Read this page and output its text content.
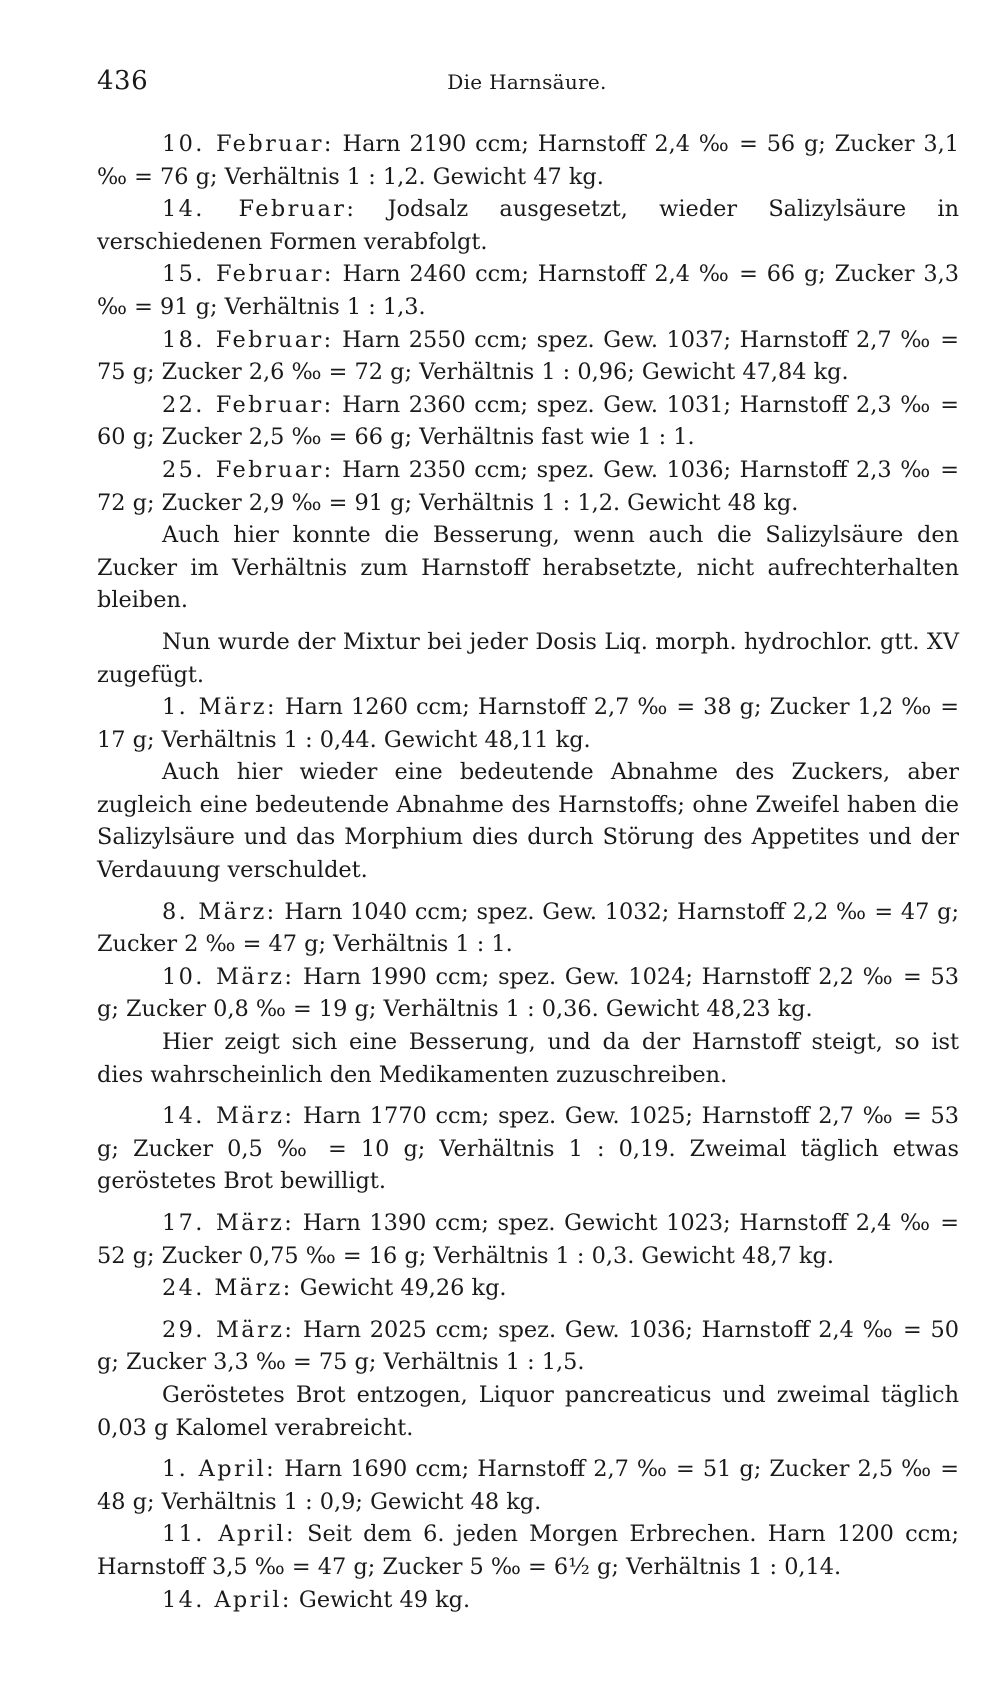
436	Die Harnsäure.

10. Februar: Harn 2190 ccm; Harnstoff 2,4 ‰ = 56 g; Zucker 3,1 ‰ = 76 g; Verhältnis 1 : 1,2. Gewicht 47 kg.

14. Februar: Jodsalz ausgesetzt, wieder Salizylsäure in verschiedenen Formen verabfolgt.

15. Februar: Harn 2460 ccm; Harnstoff 2,4 ‰ = 66 g; Zucker 3,3 ‰ = 91 g; Verhältnis 1 : 1,3.

18. Februar: Harn 2550 ccm; spez. Gew. 1037; Harnstoff 2,7 ‰ = 75 g; Zucker 2,6 ‰ = 72 g; Verhältnis 1 : 0,96; Gewicht 47,84 kg.

22. Februar: Harn 2360 ccm; spez. Gew. 1031; Harnstoff 2,3 ‰ = 60 g; Zucker 2,5 ‰ = 66 g; Verhältnis fast wie 1 : 1.

25. Februar: Harn 2350 ccm; spez. Gew. 1036; Harnstoff 2,3 ‰ = 72 g; Zucker 2,9 ‰ = 91 g; Verhältnis 1 : 1,2. Gewicht 48 kg.

Auch hier konnte die Besserung, wenn auch die Salizylsäure den Zucker im Verhältnis zum Harnstoff herabsetzte, nicht aufrechterhalten bleiben.

Nun wurde der Mixtur bei jeder Dosis Liq. morph. hydrochlor. gtt. XV zugefügt.

1. März: Harn 1260 ccm; Harnstoff 2,7 ‰ = 38 g; Zucker 1,2 ‰ = 17 g; Verhältnis 1 : 0,44. Gewicht 48,11 kg.

Auch hier wieder eine bedeutende Abnahme des Zuckers, aber zugleich eine bedeutende Abnahme des Harnstoffs; ohne Zweifel haben die Salizylsäure und das Morphium dies durch Störung des Appetites und der Verdauung verschuldet.

8. März: Harn 1040 ccm; spez. Gew. 1032; Harnstoff 2,2 ‰ = 47 g; Zucker 2 ‰ = 47 g; Verhältnis 1 : 1.

10. März: Harn 1990 ccm; spez. Gew. 1024; Harnstoff 2,2 ‰ = 53 g; Zucker 0,8 ‰ = 19 g; Verhältnis 1 : 0,36. Gewicht 48,23 kg.

Hier zeigt sich eine Besserung, und da der Harnstoff steigt, so ist dies wahrscheinlich den Medikamenten zuzuschreiben.

14. März: Harn 1770 ccm; spez. Gew. 1025; Harnstoff 2,7 ‰ = 53 g; Zucker 0,5 ‰ = 10 g; Verhältnis 1 : 0,19. Zweimal täglich etwas geröstetes Brot bewilligt.

17. März: Harn 1390 ccm; spez. Gewicht 1023; Harnstoff 2,4 ‰ = 52 g; Zucker 0,75 ‰ = 16 g; Verhältnis 1 : 0,3. Gewicht 48,7 kg.

24. März: Gewicht 49,26 kg.

29. März: Harn 2025 ccm; spez. Gew. 1036; Harnstoff 2,4 ‰ = 50 g; Zucker 3,3 ‰ = 75 g; Verhältnis 1 : 1,5.

Geröstetes Brot entzogen, Liquor pancreaticus und zweimal täglich 0,03 g Kalomel verabreicht.

1. April: Harn 1690 ccm; Harnstoff 2,7 ‰ = 51 g; Zucker 2,5 ‰ = 48 g; Verhältnis 1 : 0,9; Gewicht 48 kg.

11. April: Seit dem 6. jeden Morgen Erbrechen. Harn 1200 ccm; Harnstoff 3,5 ‰ = 47 g; Zucker 5 ‰ = 6½ g; Verhältnis 1 : 0,14.

14. April: Gewicht 49 kg.
